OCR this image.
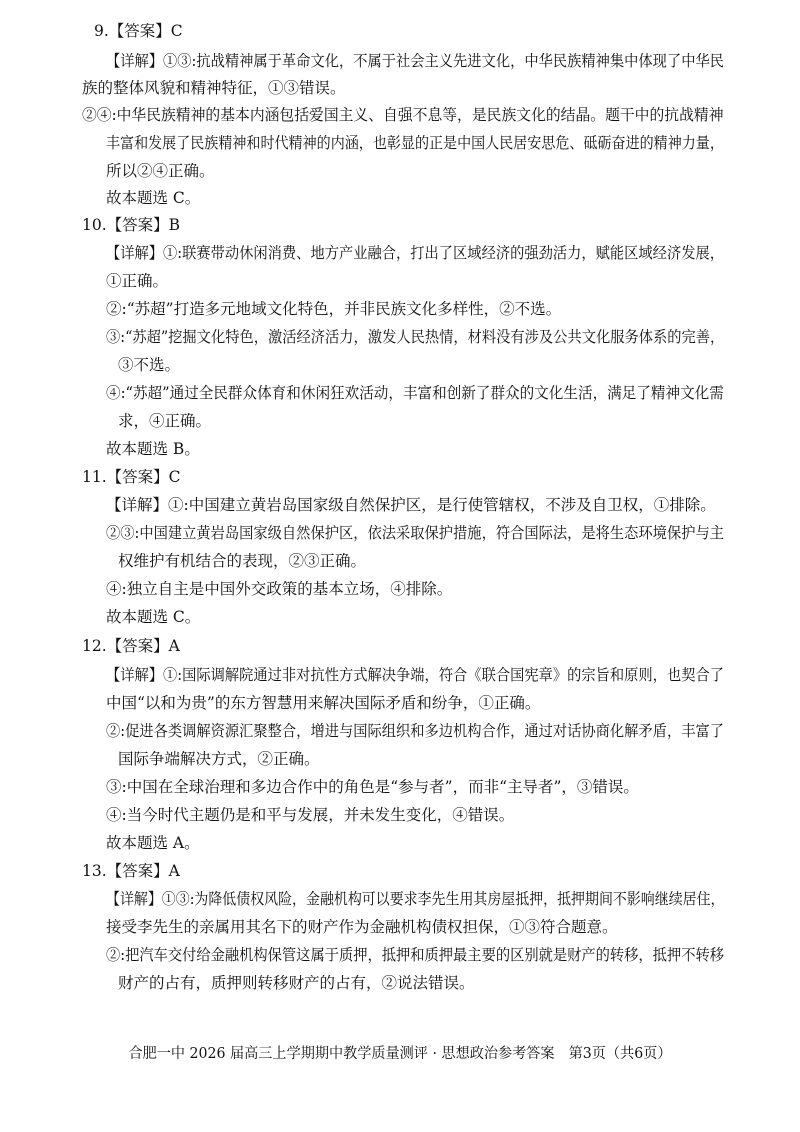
9.【答案】C
【详解】①③:抗战精神属于革命文化，不属于社会主义先进文化，中华民族精神集中体现了中华民
族的整体风貌和精神特征，①③错误。
②④:中华民族精神的基本内涵包括爱国主义、自强不息等，是民族文化的结晶。题干中的抗战精神
丰富和发展了民族精神和时代精神的内涵，也彰显的正是中国人民居安思危、砥砺奋进的精神力量，
所以②④正确。
故本题选 C。
10.【答案】B
【详解】①:联赛带动休闲消费、地方产业融合，打出了区域经济的强劲活力，赋能区域经济发展，
①正确。
②:“苏超”打造多元地域文化特色，并非民族文化多样性，②不选。
③:“苏超”挖掘文化特色，激活经济活力，激发人民热情，材料没有涉及公共文化服务体系的完善，
③不选。
④:“苏超”通过全民群众体育和休闲狂欢活动，丰富和创新了群众的文化生活，满足了精神文化需
求，④正确。
故本题选 B。
11.【答案】C
【详解】①:中国建立黄岩岛国家级自然保护区，是行使管辖权，不涉及自卫权，①排除。
②③:中国建立黄岩岛国家级自然保护区，依法采取保护措施，符合国际法，是将生态环境保护与主
权维护有机结合的表现，②③正确。
④:独立自主是中国外交政策的基本立场，④排除。
故本题选 C。
12.【答案】A
【详解】①:国际调解院通过非对抗性方式解决争端，符合《联合国宪章》的宗旨和原则，也契合了
中国“以和为贵”的东方智慧用来解决国际矛盾和纷争，①正确。
②:促进各类调解资源汇聚整合，增进与国际组织和多边机构合作，通过对话协商化解矛盾，丰富了
国际争端解决方式，②正确。
③:中国在全球治理和多边合作中的角色是“参与者”，而非“主导者”，③错误。
④:当今时代主题仍是和平与发展，并未发生变化，④错误。
故本题选 A。
13.【答案】A
【详解】①③:为降低债权风险，金融机构可以要求李先生用其房屋抵押，抵押期间不影响继续居住，
接受李先生的亲属用其名下的财产作为金融机构债权担保，①③符合题意。
②:把汽车交付给金融机构保管这属于质押，抵押和质押最主要的区别就是财产的转移，抵押不转移
财产的占有，质押则转移财产的占有，②说法错误。
合肥一中 2026 届高三上学期期中教学质量测评 · 思想政治参考答案　第3页（共6页）
